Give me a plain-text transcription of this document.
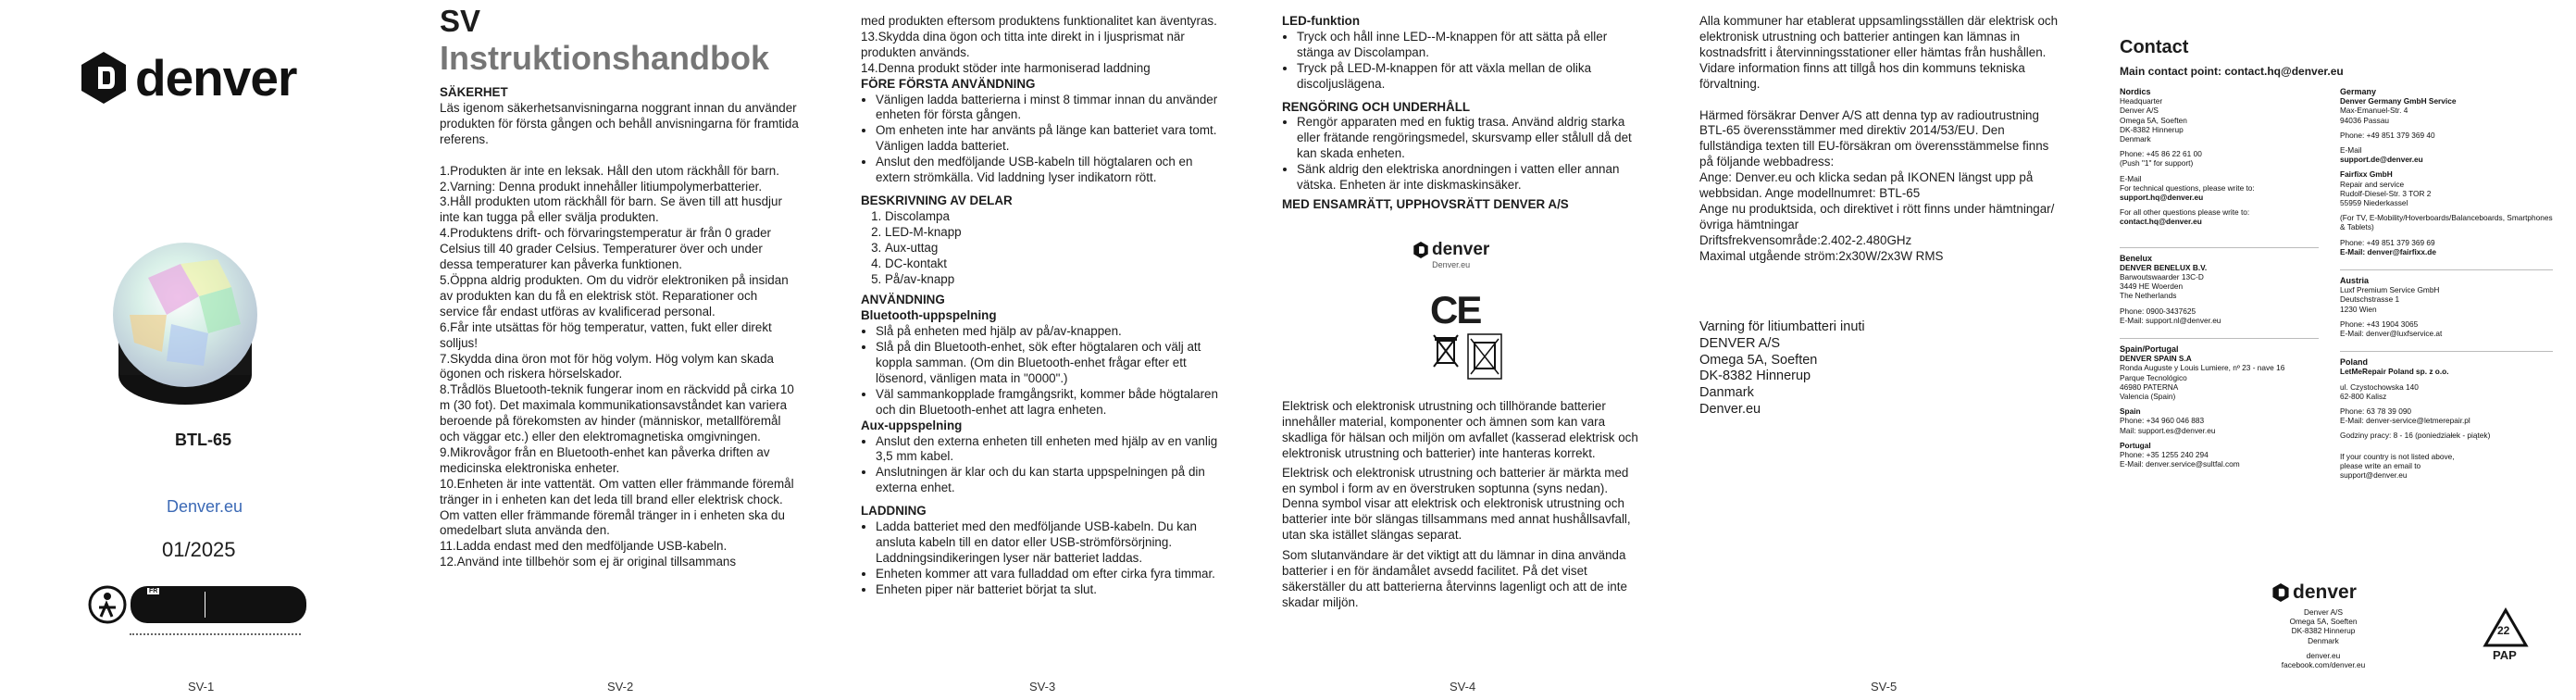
denver
BTL-65
Denver.eu
01/2025
FR
SV-1
SV
Instruktionshandbok

SÄKERHET

Läs igenom säkerhetsanvisningarna noggrant innan du använder produkten för första gången och behåll anvisningarna för framtida referens.

1.Produkten är inte en leksak. Håll den utom räckhåll för barn.

2.Varning: Denna produkt innehåller litiumpolymerbatterier.

3.Håll produkten utom räckhåll för barn. Se även till att husdjur inte kan tugga på eller svälja produkten.

4.Produktens drift- och förvaringstemperatur är från 0 grader Celsius till 40 grader Celsius. Temperaturer över och under dessa temperaturer kan påverka funktionen.

5.Öppna aldrig produkten. Om du vidrör elektroniken på insidan av produkten kan du få en elektrisk stöt. Reparationer och service får endast utföras av kvalificerad personal.

6.Får inte utsättas för hög temperatur, vatten, fukt eller direkt solljus!

7.Skydda dina öron mot för hög volym. Hög volym kan skada ögonen och riskera hörselskador.

8.Trådlös Bluetooth-teknik fungerar inom en räckvidd på cirka 10 m (30 fot). Det maximala kommunikationsavståndet kan variera beroende på förekomsten av hinder (människor, metallföremål och väggar etc.) eller den elektromagnetiska omgivningen.

9.Mikrovågor från en Bluetooth-enhet kan påverka driften av medicinska elektroniska enheter.

10.Enheten är inte vattentät. Om vatten eller främmande föremål tränger in i enheten kan det leda till brand eller elektrisk chock. Om vatten eller främmande föremål tränger in i enheten ska du omedelbart sluta använda den.

11.Ladda endast med den medföljande USB-kabeln.

12.Använd inte tillbehör som ej är original tillsammans

SV-2

med produkten eftersom produktens funktionalitet kan äventyras.

13.Skydda dina ögon och titta inte direkt in i ljusprismat när produkten används.

14.Denna produkt stöder inte harmoniserad laddning

FÖRE FÖRSTA ANVÄNDNING

• Vänligen ladda batterierna i minst 8 timmar innan du använder enheten för första gången.
• Om enheten inte har använts på länge kan batteriet vara tomt. Vänligen ladda batteriet.
• Anslut den medföljande USB-kabeln till högtalaren och en extern strömkälla. Vid laddning lyser indikatorn rött.

BESKRIVNING AV DELAR

1. Discolampa
2. LED-M-knapp
3. Aux-uttag
4. DC-kontakt
5. På/av-knapp

ANVÄNDNING

Bluetooth-uppspelning

• Slå på enheten med hjälp av på/av-knappen.
• Slå på din Bluetooth-enhet, sök efter högtalaren och välj att koppla samman. (Om din Bluetooth-enhet frågar efter ett lösenord, vänligen mata in "0000".)
• Väl sammankopplade framgångsrikt, kommer både högtalaren och din Bluetooth-enhet att lagra enheten.

Aux-uppspelning

• Anslut den externa enheten till enheten med hjälp av en vanlig 3,5 mm kabel.
• Anslutningen är klar och du kan starta uppspelningen på din externa enhet.

LADDNING

• Ladda batteriet med den medföljande USB-kabeln. Du kan ansluta kabeln till en dator eller USB-strömförsörjning. Laddningsindikeringen lyser när batteriet laddas.
• Enheten kommer att vara fulladdad om efter cirka fyra timmar.
• Enheten piper när batteriet börjat ta slut.
SV-3

LED-funktion

• Tryck och håll inne LED--M-knappen för att sätta på eller stänga av Discolampan.
• Tryck på LED-M-knappen för att växla mellan de olika discoljuslägena.

RENGÖRING OCH UNDERHÅLL

• Rengör apparaten med en fuktig trasa. Använd aldrig starka eller frätande rengöringsmedel, skursvamp eller stålull då det kan skada enheten.
• Sänk aldrig den elektriska anordningen i vatten eller annan vätska. Enheten är inte diskmaskinsäker.

MED ENSAMRÄTT, UPPHOVSRÄTT DENVER A/S

denver
Denver.eu
CE

Elektrisk och elektronisk utrustning och tillhörande batterier innehåller material, komponenter och ämnen som kan vara skadliga för hälsan och miljön om avfallet (kasserad elektrisk och elektronisk utrustning och batterier) inte hanteras korrekt.

Elektrisk och elektronisk utrustning och batterier är märkta med en symbol i form av en överstruken soptunna (syns nedan). Denna symbol visar att elektrisk och elektronisk utrustning och batterier inte bör slängas tillsammans med annat hushållsavfall, utan ska istället slängas separat.

Som slutanvändare är det viktigt att du lämnar in dina använda batterier i en för ändamålet avsedd facilitet. På det viset säkerställer du att batterierna återvinns lagenligt och att de inte skadar miljön.

SV-4

Alla kommuner har etablerat uppsamlingsställen där elektrisk och elektronisk utrustning och batterier antingen kan lämnas in kostnadsfritt i återvinningsstationer eller hämtas från hushållen. Vidare information finns att tillgå hos din kommuns tekniska förvaltning.

Härmed försäkrar Denver A/S att denna typ av radioutrustning BTL-65 överensstämmer med direktiv 2014/53/EU. Den fullständiga texten till EU-försäkran om överensstämmelse finns på följande webbadress:

Ange: Denver.eu och klicka sedan på IKONEN längst upp på webbsidan. Ange modellnumret: BTL-65

Ange nu produktsida, och direktivet i rött finns under hämtningar/övriga hämtningar

Driftsfrekvensområde:2.402-2.480GHz

Maximal utgående ström:2x30W/2x3W RMS

Varning för litiumbatteri inuti

DENVER A/S

Omega 5A, Soeften

DK-8382 Hinnerup

Danmark

Denver.eu

SV-5
Contact
Main contact point: contact.hq@denver.eu

Nordics

Headquarter

Denver A/S

Omega 5A, Soeften

DK-8382 Hinnerup

Denmark

Phone: +45 86 22 61 00

(Push "1" for support)

E-Mail

For technical questions, please write to:

support.hq@denver.eu

For all other questions please write to:

contact.hq@denver.eu

Benelux

DENVER BENELUX B.V.

Barwoutswaarder 13C-D

3449 HE Woerden

The Netherlands

Phone: 0900-3437625

E-Mail: support.nl@denver.eu

Spain/Portugal

DENVER SPAIN S.A

Ronda Auguste y Louis Lumiere, nº 23 - nave 16

Parque Tecnológico

46980 PATERNA

Valencia (Spain)

Spain

Phone: +34 960 046 883

Mail: support.es@denver.eu

Portugal

Phone: +35 1255 240 294

E-Mail: denver.service@sultfal.com

Germany

Denver Germany GmbH Service

Max-Emanuel-Str. 4

94036 Passau

Phone: +49 851 379 369 40

E-Mail

support.de@denver.eu

Fairfixx GmbH

Repair and service

Rudolf-Diesel-Str. 3 TOR 2

55959 Niederkassel

(For TV, E-Mobility/Hoverboards/Balanceboards, Smartphones & Tablets)

Phone: +49 851 379 369 69

E-Mail: denver@fairfixx.de

Austria

Luxf Premium Service GmbH

Deutschstrasse 1

1230 Wien

Phone: +43 1904 3065

E-Mail: denver@luxfservice.at

Poland

LetMeRepair Poland sp. z o.o.

ul. Czystochowska 140

62-800 Kalisz

Phone: 63 78 39 090

E-Mail: denver-service@letmerepair.pl

Godziny pracy: 8 - 16 (poniedziałek - piątek)

If your country is not listed above,

please write an email to

support@denver.eu

denver

Denver A/S

Omega 5A, Soeften

DK-8382 Hinnerup

Denmark

denver.eu

facebook.com/denver.eu

22
PAP
